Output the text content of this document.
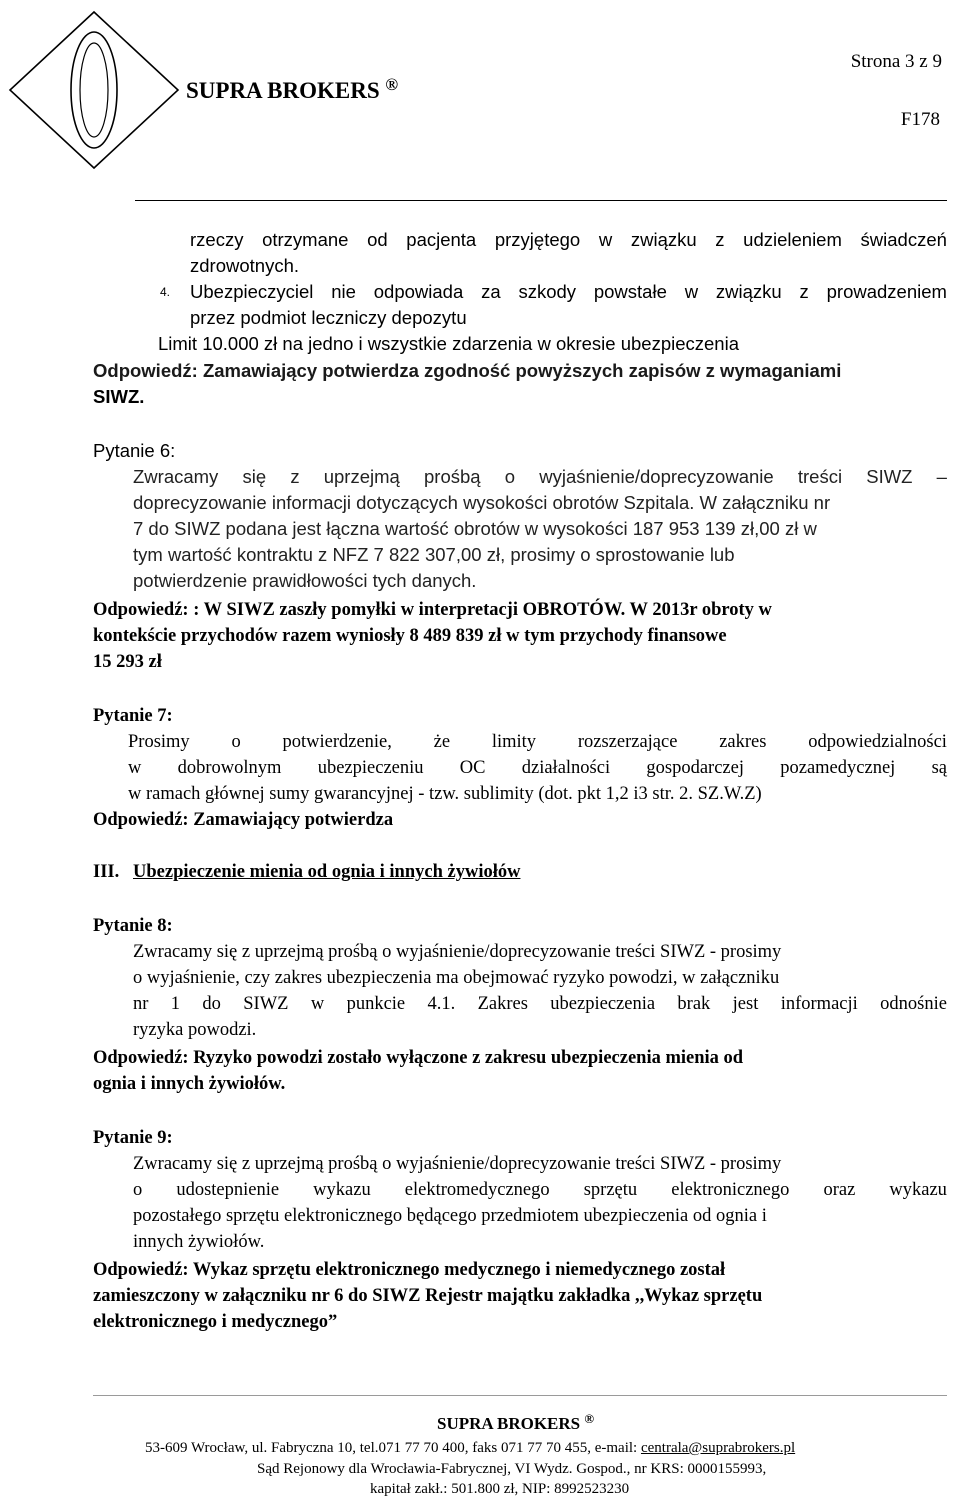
SUPRA BROKERS ®
Strona 3 z 9
F178
rzeczy otrzymane od pacjenta przyjętego w związku z udzieleniem świadczeń
zdrowotnych.
4. Ubezpieczyciel nie odpowiada za szkody powstałe w związku z prowadzeniem
przez podmiot leczniczy depozytu
Limit 10.000 zł na jedno i wszystkie zdarzenia w okresie ubezpieczenia
Odpowiedź: Zamawiający potwierdza zgodność powyższych zapisów z wymaganiami
SIWZ.
Pytanie 6:
Zwracamy się z uprzejmą prośbą o wyjaśnienie/doprecyzowanie treści SIWZ –
doprecyzowanie informacji dotyczących wysokości obrotów Szpitala. W załączniku nr
7 do SIWZ podana jest łączna wartość obrotów w wysokości 187 953 139 zł,00 zł w
tym wartość kontraktu z NFZ 7 822 307,00 zł, prosimy o sprostowanie lub
potwierdzenie prawidłowości tych danych.
Odpowiedź: : W SIWZ zaszły pomyłki w interpretacji OBROTÓW. W 2013r obroty w
kontekście przychodów razem wyniosły 8 489 839 zł w tym przychody finansowe
15 293 zł
Pytanie 7:
Prosimy o potwierdzenie, że limity rozszerzające zakres odpowiedzialności
w dobrowolnym ubezpieczeniu OC działalności gospodarczej pozamedycznej są
w ramach głównej sumy gwarancyjnej - tzw. sublimity (dot. pkt 1,2 i3 str. 2. SZ.W.Z)
Odpowiedź: Zamawiający potwierdza
III. Ubezpieczenie mienia od ognia i innych żywiołów
Pytanie 8:
Zwracamy się z uprzejmą prośbą o wyjaśnienie/doprecyzowanie treści SIWZ - prosimy
o wyjaśnienie, czy zakres ubezpieczenia ma obejmować ryzyko powodzi, w załączniku
nr 1 do SIWZ w punkcie 4.1. Zakres ubezpieczenia brak jest informacji odnośnie
ryzyka powodzi.
Odpowiedź: Ryzyko powodzi zostało wyłączone z zakresu ubezpieczenia mienia od
ognia i innych żywiołów.
Pytanie 9:
Zwracamy się z uprzejmą prośbą o wyjaśnienie/doprecyzowanie treści SIWZ - prosimy
o udostepnienie wykazu elektromedycznego sprzętu elektronicznego oraz wykazu
pozostałego sprzętu elektronicznego będącego przedmiotem ubezpieczenia od ognia i
innych żywiołów.
Odpowiedź: Wykaz sprzętu elektronicznego medycznego i niemedycznego został
zamieszczony w załączniku nr 6 do SIWZ Rejestr majątku zakładka ,,Wykaz sprzętu
elektronicznego i medycznego”
SUPRA BROKERS ®
53-609 Wrocław, ul. Fabryczna 10, tel.071 77 70 400, faks 071 77 70 455, e-mail: centrala@suprabrokers.pl
Sąd Rejonowy dla Wrocławia-Fabrycznej, VI Wydz. Gospod., nr KRS: 0000155993,
kapitał zakł.: 501.800 zł, NIP: 8992523230
